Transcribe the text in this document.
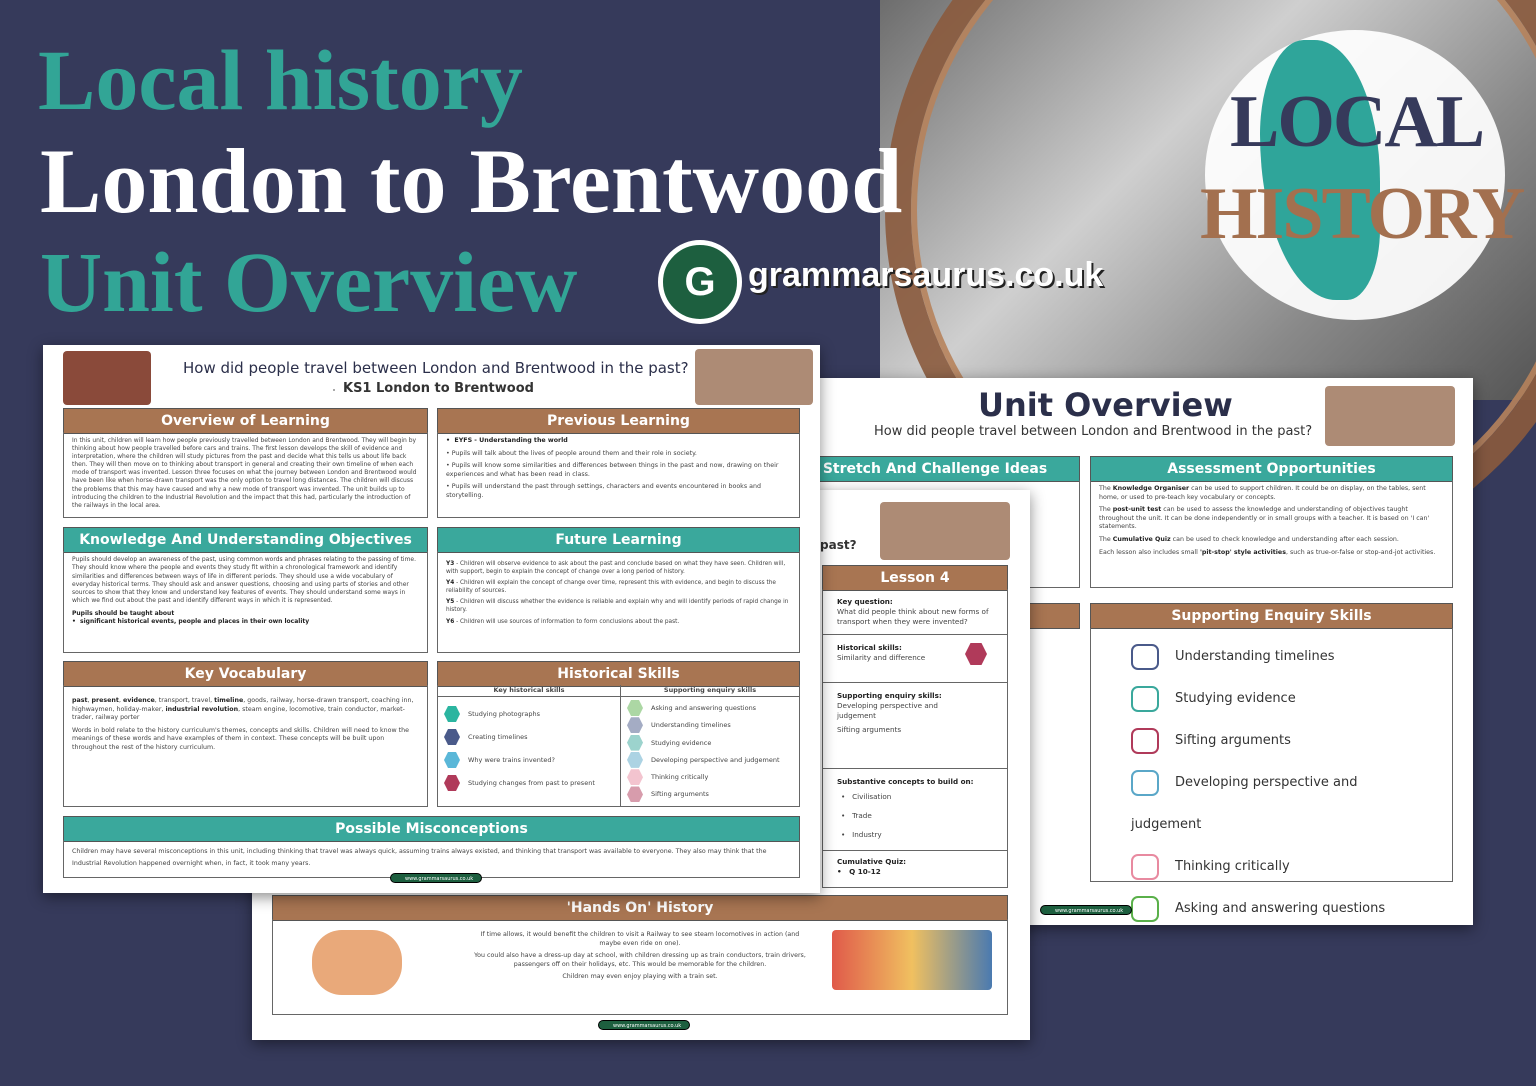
LOCAL
HISTORY
Local history
London to Brentwood
Unit Overview	G grammarsaurus.co.uk
Unit Overview
How did people travel between London and Brentwood in the past?
Stretch And Challenge Ideas	Assessment Opportunities

The Knowledge Organiser can be used to support children. It could be on display, on the tables, sent home, or used to pre-teach key vocabulary or concepts.

The post-unit test can be used to assess the knowledge and understanding of objectives taught throughout the unit. It can be done independently or in small groups with a teacher. It is based on 'I can' statements.

The Cumulative Quiz can be used to check knowledge and understanding after each session.

Each lesson also includes small 'pit-stop' style activities, such as true-or-false or stop-and-jot activities.

Supporting Enquiry Skills
Understanding timelines
Studying evidence
Sifting arguments
Developing perspective and judgement
Thinking critically
Asking and answering questions
www.grammarsaurus.co.uk
past?
Lesson 4
Key question:
What did people think about new forms of transport when they were invented?
Historical skills:
Similarity and difference
Supporting enquiry skills:
Developing perspective and judgement
Sifting arguments
Substantive concepts to build on:
•   Civilisation
•   Trade
•   Industry
Cumulative Quiz:
•   Q 10-12
'Hands On' History

If time allows, it would benefit the children to visit a Railway to see steam locomotives in action (and maybe even ride on one).

You could also have a dress-up day at school, with children dressing up as train conductors, train drivers, passengers off on their holidays, etc. This would be memorable for the children.

Children may even enjoy playing with a train set.

www.grammarsaurus.co.uk
How did people travel between London and Brentwood in the past?
KS1 London to Brentwood
Overview of Learning
In this unit, children will learn how people previously travelled between London and Brentwood. They will begin by thinking about how people travelled before cars and trains. The first lesson develops the skill of evidence and interpretation, where the children will study pictures from the past and decide what this tells us about life back then. They will then move on to thinking about transport in general and creating their own timeline of when each mode of transport was invented. Lesson three focuses on what the journey between London and Brentwood would have been like when horse-drawn transport was the only option to travel long distances. The children will discuss the problems that this may have caused and why a new mode of transport was invented. The unit builds up to introducing the children to the Industrial Revolution and the impact that this had, particularly the introduction of the railways in the local area.
Previous Learning

•  EYFS - Understanding the world

• Pupils will talk about the lives of people around them and their role in society.

• Pupils will know some similarities and differences between things in the past and now, drawing on their experiences and what has been read in class.

• Pupils will understand the past through settings, characters and events encountered in books and storytelling.

Knowledge And Understanding Objectives

Pupils should develop an awareness of the past, using common words and phrases relating to the passing of time. They should know where the people and events they study fit within a chronological framework and identify similarities and differences between ways of life in different periods. They should use a wide vocabulary of everyday historical terms. They should ask and answer questions, choosing and using parts of stories and other sources to show that they know and understand key features of events. They should understand some ways in which we find out about the past and identify different ways in which it is represented.

Pupils should be taught about
•  significant historical events, people and places in their own locality
Future Learning

Y3 - Children will observe evidence to ask about the past and conclude based on what they have seen. Children will, with support, begin to explain the concept of change over a long period of history.

Y4 - Children will explain the concept of change over time, represent this with evidence, and begin to discuss the reliability of sources.

Y5 - Children will discuss whether the evidence is reliable and explain why and will identify periods of rapid change in history.

Y6 - Children will use sources of information to form conclusions about the past.

Key Vocabulary

past, present, evidence, transport, travel, timeline, goods, railway, horse-drawn transport, coaching inn, highwaymen, holiday-maker, industrial revolution, steam engine, locomotive, train conductor, market-trader, railway porter

Words in bold relate to the history curriculum's themes, concepts and skills. Children will need to know the meanings of these words and have examples of them in context. These concepts will be built upon throughout the rest of the history curriculum.

Historical Skills
Key historical skills
Studying photographs
Creating timelines
Why were trains invented?
Studying changes from past to present
Supporting enquiry skills
Asking and answering questions
Understanding timelines
Studying evidence
Developing perspective and judgement
Thinking critically
Sifting arguments
Possible Misconceptions
Children may have several misconceptions in this unit, including thinking that travel was always quick, assuming trains always existed, and thinking that transport was available to everyone. They also may think that the Industrial Revolution happened overnight when, in fact, it took many years.
www.grammarsaurus.co.uk
